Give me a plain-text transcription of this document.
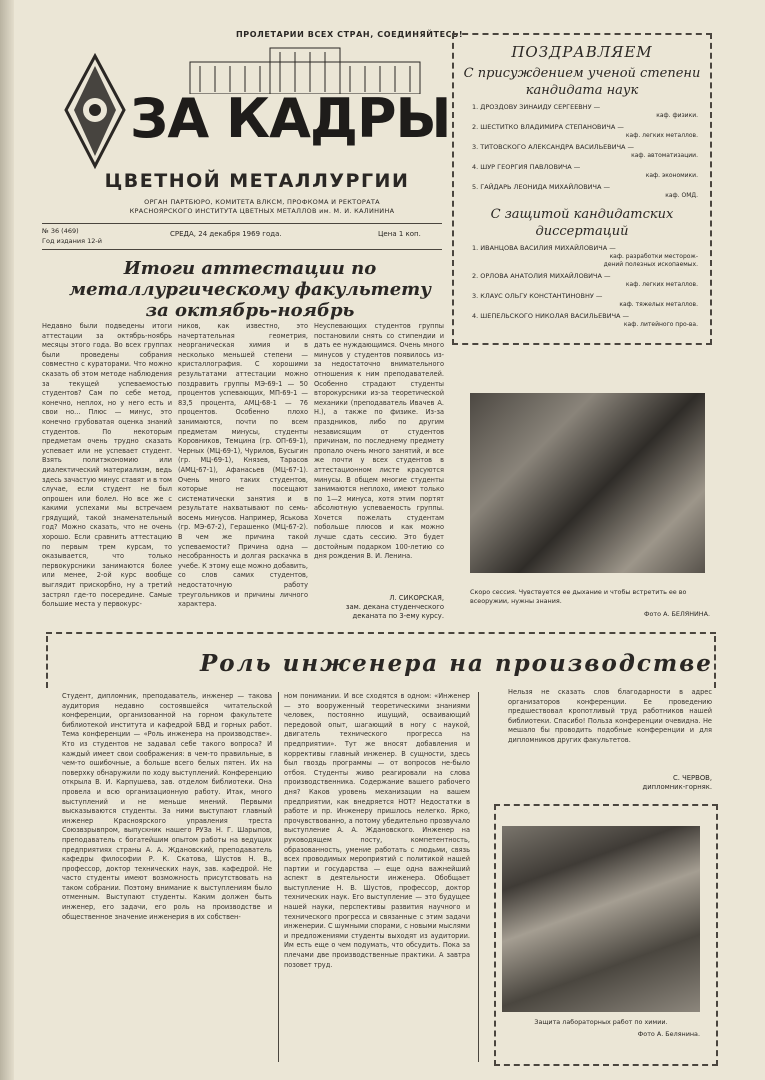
ПРОЛЕТАРИИ ВСЕХ СТРАН, СОЕДИНЯЙТЕСЬ!
ЗА КАДРЫ
ЦВЕТНОЙ МЕТАЛЛУРГИИ
ОРГАН ПАРТБЮРО, КОМИТЕТА ВЛКСМ, ПРОФКОМА И РЕКТОРАТА
КРАСНОЯРСКОГО ИНСТИТУТА ЦВЕТНЫХ МЕТАЛЛОВ им. М. И. КАЛИНИНА
№ 36 (469)
Год издания 12-й
СРЕДА, 24 декабря 1969 года.	Цена 1 коп.
ПОЗДРАВЛЯЕМ
С присуждением ученой степени
кандидата наук
1. ДРОЗДОВУ ЗИНАИДУ СЕРГЕЕВНУ —
каф. физики.
2. ШЕСТИТКО ВЛАДИМИРА СТЕПАНОВИЧА —
каф. легких металлов.
3. ТИТОВСКОГО АЛЕКСАНДРА ВАСИЛЬЕВИЧА —
каф. автоматизации.
4. ШУР ГЕОРГИЯ ПАВЛОВИЧА —
каф. экономики.
5. ГАЙДАРЬ ЛЕОНИДА МИХАЙЛОВИЧА —
каф. ОМД.
С защитой кандидатских
диссертаций
1. ИВАНЦОВА ВАСИЛИЯ МИХАЙЛОВИЧА —
каф. разработки месторож-
дений полезных ископаемых.
2. ОРЛОВА АНАТОЛИЯ МИХАЙЛОВИЧА —
каф. легких металлов.
3. КЛАУС ОЛЬГУ КОНСТАНТИНОВНУ —
каф. тяжелых металлов.
4. ШЕПЕЛЬСКОГО НИКОЛАЯ ВАСИЛЬЕВИЧА —
каф. литейного про-ва.
Итоги аттестации по
металлургическому факультету
за октябрь-ноябрь
Недавно были подведены итоги аттестации за октябрь-ноябрь месяцы этого года. Во всех группах были проведены собрания совместно с кураторами. Что можно сказать об этом методе наблюдения за текущей успеваемостью студентов? Сам по себе метод, конечно, неплох, но у него есть и свои но... Плюс — минус, это конечно грубоватая оценка знаний студентов. По некоторым предметам очень трудно сказать успевает или не успевает студент. Взять политэкономию или диалектический материализм, ведь здесь зачастую минус ставят и в том случае, если студент не был опрошен или болел. Но все же с какими успехами мы встречаем грядущий, такой знаменательный год? Можно сказать, что не очень хорошо. Если сравнить аттестацию по первым трем курсам, то оказывается, что только первокурсники занимаются более или менее, 2-ой курс вообще выглядит прискорбно, ну а третий застрял где-то посередине. Самые большие места у первокурс-
ников, как известно, это начертательная геометрия, неорганическая химия и в несколько меньшей степени — кристаллография. С хорошими результатами аттестации можно поздравить группы МЭ-69-1 — 50 процентов успевающих, МП-69-1 — 83,5 процента, АМЦ-68-1 — 76 процентов. Особенно плохо занимаются, почти по всем предметам минусы, студенты Коровников, Темцина (гр. ОП-69-1), Черных (МЦ-69-1), Чурилов, Бусыгин (гр. МЦ-69-1), Князев, Тарасов (АМЦ-67-1), Афанасьев (МЦ-67-1). Очень много таких студентов, которые не посещают систематически занятия и в результате нахватывают по семь-восемь минусов. Например, Яськова (гр. МЭ-67-2), Герашенко (МЦ-67-2). В чем же причина такой успеваемости? Причина одна — несобранность и долгая раскачка в учебе. К этому еще можно добавить, со слов самих студентов, недостаточную работу треугольников и причины личного характера.
Неуспевающих студентов группы постановили снять со стипендии и дать ее нуждающимся. Очень много минусов у студентов появилось из-за недостаточно внимательного отношения к ним преподавателей. Особенно страдают студенты второкурсники из-за теоретической механики (преподаватель Ивачев А. Н.), а также по физике. Из-за праздников, либо по другим независящим от студентов причинам, по последнему предмету пропало очень много занятий, и все же почти у всех студентов в аттестационном листе красуются минусы. В общем многие студенты занимаются неплохо, имеют только по 1—2 минуса, хотя этим портят абсолютную успеваемость группы. Хочется пожелать студентам побольше плюсов и как можно лучше сдать сессию. Это будет достойным подарком 100-летию со дня рождения В. И. Ленина.
Л. СИКОРСКАЯ,
зам. декана студенческого
деканата по 3-ему курсу.
Скоро сессия. Чувствуется ее дыхание и чтобы встретить ее во всеоружии, нужны знания.
Фото А. БЕЛЯНИНА.
Роль инженера на производстве
Студент, дипломник, преподаватель, инженер — такова аудитория недавно состоявшейся читательской конференции, организованной на горном факультете библиотекой института и кафедрой БВД и горных работ. Тема конференции — «Роль инженера на производстве». Кто из студентов не задавал себе такого вопроса? И каждый имеет свои соображения: в чем-то правильные, в чем-то ошибочные, а больше всего белых пятен. Их на поверхку обнаружили по ходу выступлений. Конференцию открыла В. И. Карпушева, зав. отделом библиотеки. Она провела и всю организационную работу. Итак, много выступлений и не меньше мнений. Первыми высказываются студенты. За ними выступают главный инженер Красноярского управления треста Союзвзрывпром, выпускник нашего РУЗа Н. Г. Шарыпов, преподаватель с богатейшим опытом работы на ведущих предприятиях страны А. А. Ждановский, преподаватель кафедры философии Р. К. Скатова, Шустов Н. В., профессор, доктор технических наук, зав. кафедрой. Не часто студенты имеют возможность присутствовать на таком собрании. Поэтому внимание к выступлениям было отменным. Выступают студенты. Каким должен быть инженер, его задачи, его роль на производстве и общественное значение инженерия в их собствен-
ном понимании. И все сходятся в одном: «Инженер — это вооруженный теоретическими знаниями человек, постоянно ищущий, осваивающий передовой опыт, шагающий в ногу с наукой, двигатель технического прогресса на предприятии». Тут же вносят добавления и коррективы главный инженер. В сущности, здесь был гвоздь программы — от вопросов не-было отбоя. Студенты живо реагировали на слова производственника. Содержание вашего рабочего дня? Каков уровень механизации на вашем предприятии, как внедряется НОТ? Недостатки в работе и пр. Инженеру пришлось нелегко. Ярко, прочувствованно, а потому убедительно прозвучало выступление А. А. Ждановского. Инженер на руководящем посту, компетентность, образованность, умение работать с людьми, связь всех проводимых мероприятий с политикой нашей партии и государства — еще одна важнейший аспект в деятельности инженера. Обобщает выступление Н. В. Шустов, профессор, доктор технических наук. Его выступление — это будущее нашей науки, перспективы развития научного и технического прогресса и связанные с этим задачи инженерии. С шумными спорами, с новыми мыслями и предложениями студенты выходят из аудитории. Им есть еще о чем подумать, что обсудить. Пока за плечами две производственные практики. А завтра позовет труд.
Нельзя не сказать слов благодарности в адрес организаторов конференции. Ее проведению предшествовал кропотливый труд работников нашей библиотеки. Спасибо! Польза конференции очевидна. Не мешало бы проводить подобные конференции и для дипломников других факультетов.
С. ЧЕРВОВ,
дипломник-горняк.
Защита лабораторных работ по химии.
Фото А. Белянина.
